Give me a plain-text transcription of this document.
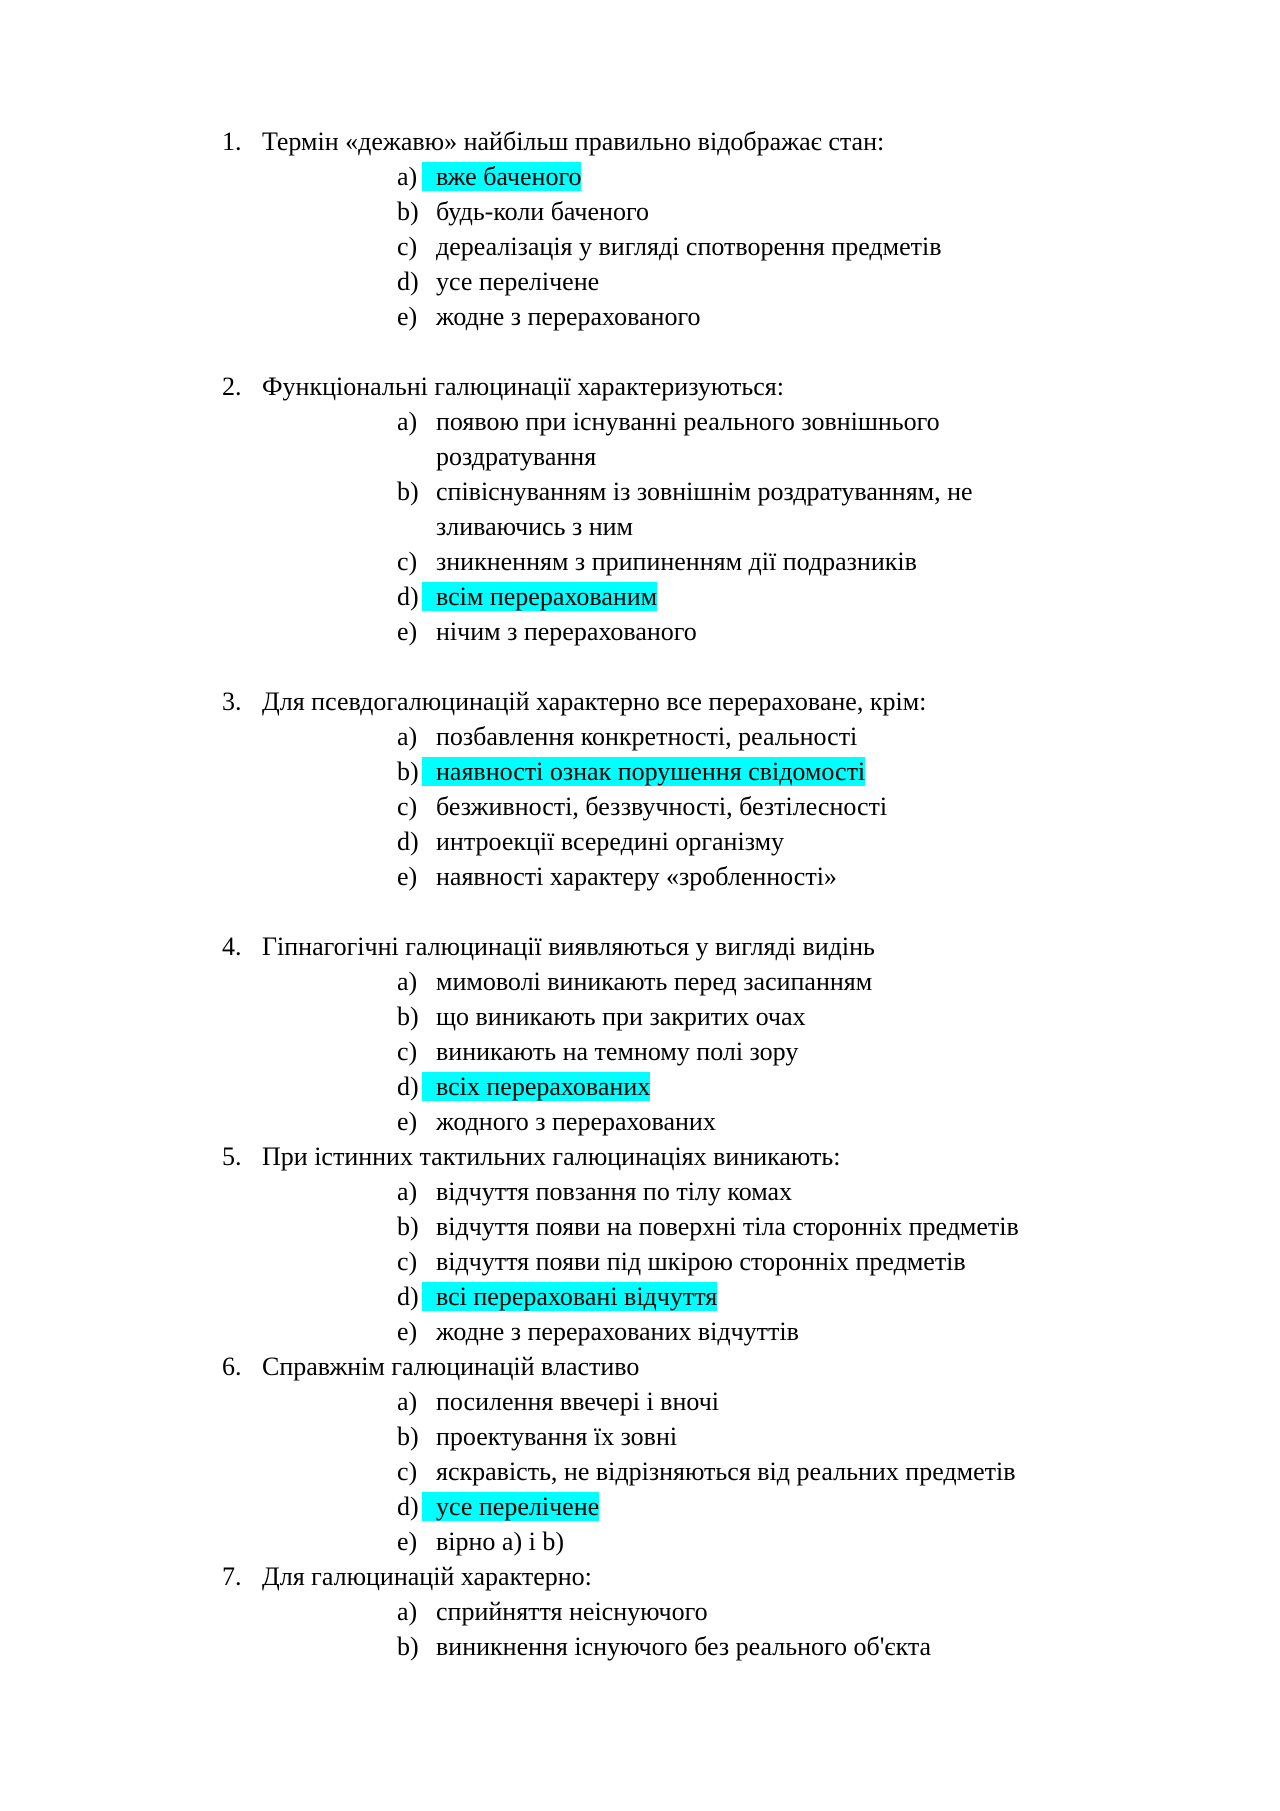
1. Термін «дежавю» найбільш правильно відображає стан:
a) вже баченого
b) будь-коли баченого
c) дереалізація у вигляді спотворення предметів
d) усе перелічене
e) жодне з перерахованого
2. Функціональні галюцинації характеризуються:
a) появою при існуванні реального зовнішнього роздратування
b) співіснуванням із зовнішнім роздратуванням, не зливаючись з ним
c) зникненням з припиненням дії подразників
d) всім перерахованим
e) нічим з перерахованого
3. Для псевдогалюцинацій характерно все перераховане, крім:
a) позбавлення конкретності, реальності
b) наявності ознак порушення свідомості
c) безживності, беззвучності, безтілесності
d) интроекції всередині організму
e) наявності характеру «зробленності»
4. Гіпнагогічні галюцинації виявляються у вигляді видінь
a) мимоволі виникають перед засипанням
b) що виникають при закритих очах
c) виникають на темному полі зору
d) всіх перерахованих
e) жодного з перерахованих
5. При істинних тактильних галюцинаціях виникають:
a) відчуття повзання по тілу комах
b) відчуття появи на поверхні тіла сторонніх предметів
c) відчуття появи під шкірою сторонніх предметів
d) всі перераховані відчуття
e) жодне з перерахованих відчуттів
6. Справжнім галюцинацій властиво
a) посилення ввечері і вночі
b) проектування їх зовні
c) яскравість, не відрізняються від реальних предметів
d) усе перелічене
e) вірно а) і b)
7. Для галюцинацій характерно:
a) сприйняття неіснуючого
b) виникнення існуючого без реального об'єкта
